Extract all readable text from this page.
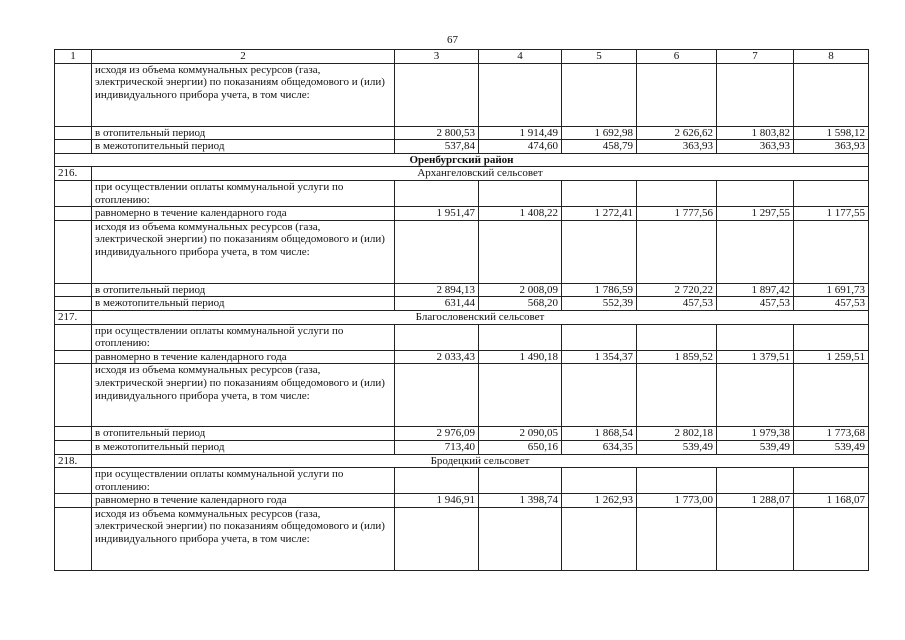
67
1	2	3	4	5	6	7	8
	исходя из объема коммунальных ресурсов (газа, электрической энергии) по показаниям общедомового и (или) индивидуального прибора учета, в том числе:						
	в отопительный период	2 800,53	1 914,49	1 692,98	2 626,62	1 803,82	1 598,12
	в межотопительный период	537,84	474,60	458,79	363,93	363,93	363,93
Оренбургский район							
216.	Архангеловский сельсовет						
	при осуществлении оплаты коммунальной услуги по отоплению:						
	равномерно в течение календарного года	1 951,47	1 408,22	1 272,41	1 777,56	1 297,55	1 177,55
	исходя из объема коммунальных ресурсов (газа, электрической энергии) по показаниям общедомового и (или) индивидуального прибора учета, в том числе:						
	в отопительный период	2 894,13	2 008,09	1 786,59	2 720,22	1 897,42	1 691,73
	в межотопительный период	631,44	568,20	552,39	457,53	457,53	457,53
217.	Благословенский сельсовет						
	при осуществлении оплаты коммунальной услуги по отоплению:						
	равномерно в течение календарного года	2 033,43	1 490,18	1 354,37	1 859,52	1 379,51	1 259,51
	исходя из объема коммунальных ресурсов (газа, электрической энергии) по показаниям общедомового и (или) индивидуального прибора учета, в том числе:						
	в отопительный период	2 976,09	2 090,05	1 868,54	2 802,18	1 979,38	1 773,68
	в межотопительный период	713,40	650,16	634,35	539,49	539,49	539,49
218.	Бродецкий сельсовет						
	при осуществлении оплаты коммунальной услуги по отоплению:						
	равномерно в течение календарного года	1 946,91	1 398,74	1 262,93	1 773,00	1 288,07	1 168,07
	исходя из объема коммунальных ресурсов (газа, электрической энергии) по показаниям общедомового и (или) индивидуального прибора учета, в том числе:						
